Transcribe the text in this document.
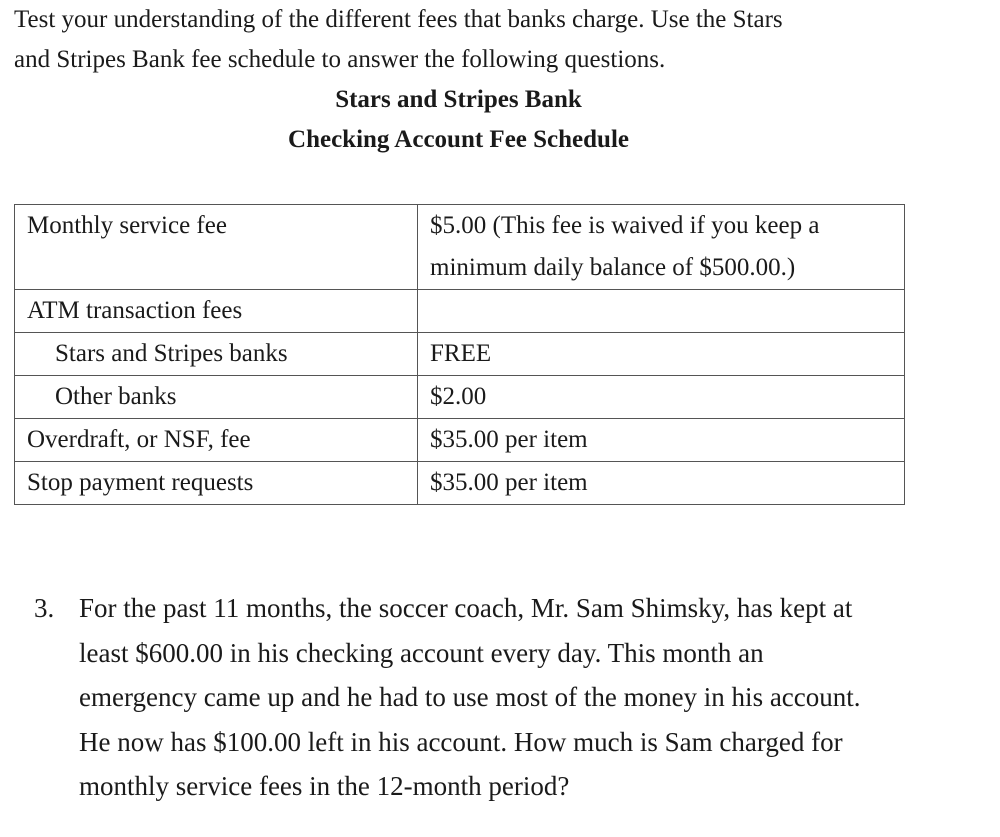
Test your understanding of the different fees that banks charge. Use the Stars
and Stripes Bank fee schedule to answer the following questions.
Stars and Stripes Bank
Checking Account Fee Schedule
Monthly service fee	$5.00 (This fee is waived if you keep a
minimum daily balance of $500.00.)

ATM transaction fees	
Stars and Stripes banks	FREE
Other banks	$2.00
Overdraft, or NSF, fee	$35.00 per item
Stop payment requests	$35.00 per item
3. For the past 11 months, the soccer coach, Mr. Sam Shimsky, has kept at
least $600.00 in his checking account every day. This month an
emergency came up and he had to use most of the money in his account.
He now has $100.00 left in his account. How much is Sam charged for
monthly service fees in the 12-month period?
